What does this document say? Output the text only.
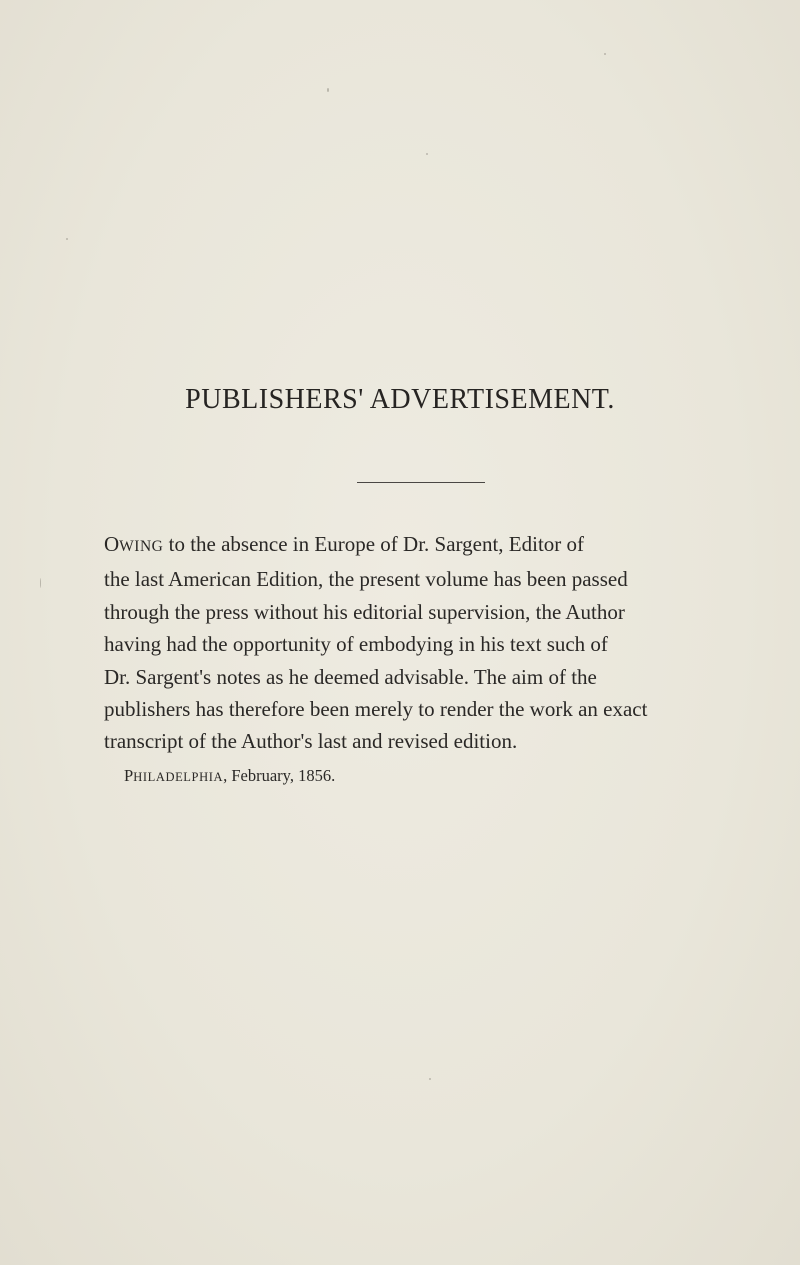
PUBLISHERS' ADVERTISEMENT.

OWING to the absence in Europe of Dr. Sargent, Editor of
the last American Edition, the present volume has been passed
through the press without his editorial supervision, the Author
having had the opportunity of embodying in his text such of
Dr. Sargent's notes as he deemed advisable. The aim of the
publishers has therefore been merely to render the work an exact
transcript of the Author's last and revised edition.

PHILADELPHIA, February, 1856.
